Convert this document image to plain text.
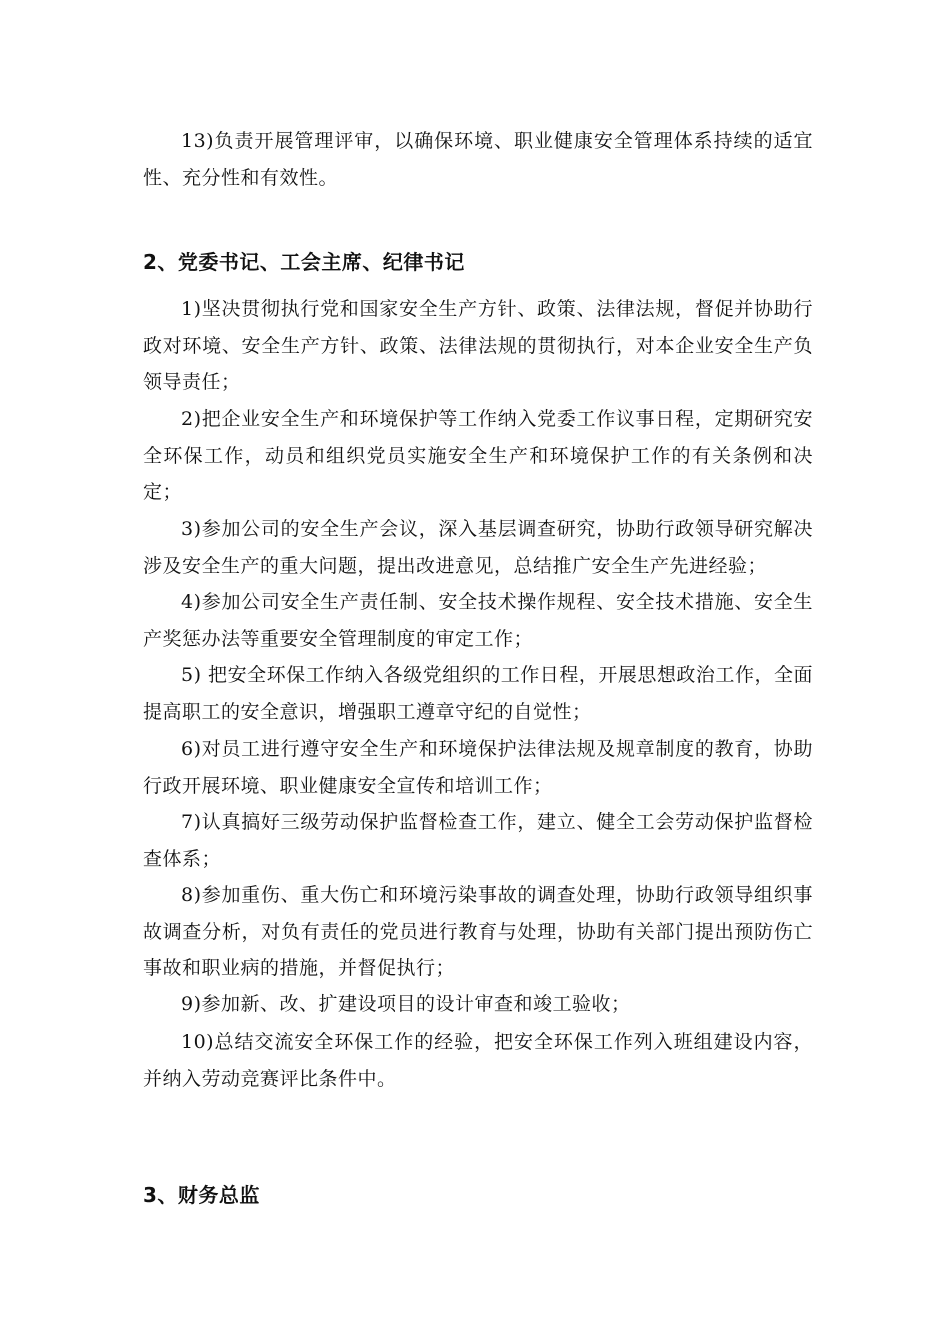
13)负责开展管理评审，以确保环境、职业健康安全管理体系持续的适宜性、充分性和有效性。

2、党委书记、工会主席、纪律书记

1)坚决贯彻执行党和国家安全生产方针、政策、法律法规，督促并协助行政对环境、安全生产方针、政策、法律法规的贯彻执行，对本企业安全生产负领导责任；

2)把企业安全生产和环境保护等工作纳入党委工作议事日程，定期研究安全环保工作，动员和组织党员实施安全生产和环境保护工作的有关条例和决定；

3)参加公司的安全生产会议，深入基层调查研究，协助行政领导研究解决涉及安全生产的重大问题，提出改进意见，总结推广安全生产先进经验；

4)参加公司安全生产责任制、安全技术操作规程、安全技术措施、安全生产奖惩办法等重要安全管理制度的审定工作；

5) 把安全环保工作纳入各级党组织的工作日程，开展思想政治工作，全面提高职工的安全意识，增强职工遵章守纪的自觉性；

6)对员工进行遵守安全生产和环境保护法律法规及规章制度的教育，协助行政开展环境、职业健康安全宣传和培训工作；

7)认真搞好三级劳动保护监督检查工作，建立、健全工会劳动保护监督检查体系；

8)参加重伤、重大伤亡和环境污染事故的调查处理，协助行政领导组织事故调查分析，对负有责任的党员进行教育与处理，协助有关部门提出预防伤亡事故和职业病的措施，并督促执行；

9)参加新、改、扩建设项目的设计审查和竣工验收；

10)总结交流安全环保工作的经验，把安全环保工作列入班组建设内容，并纳入劳动竞赛评比条件中。

3、财务总监
